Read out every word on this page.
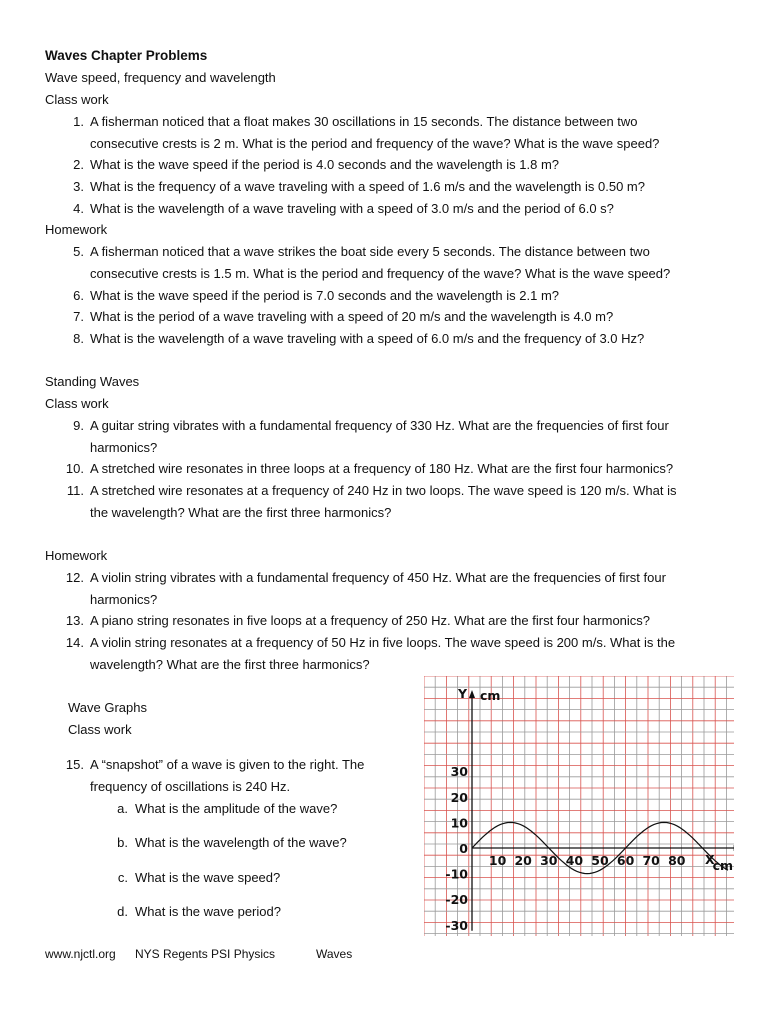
Waves Chapter Problems
Wave speed, frequency and wavelength
Class work
1. A fisherman noticed that a float makes 30 oscillations in 15 seconds. The distance between two
consecutive crests is 2 m. What is the period and frequency of the wave? What is the wave speed?
2. What is the wave speed if the period is 4.0 seconds and the wavelength is 1.8 m?
3. What is the frequency of a wave traveling with a speed of 1.6 m/s and the wavelength is 0.50 m?
4. What is the wavelength of a wave traveling with a speed of 3.0 m/s and the period of 6.0 s?
Homework
5. A fisherman noticed that a wave strikes the boat side every 5 seconds. The distance between two
consecutive crests is 1.5 m. What is the period and frequency of the wave? What is the wave speed?
6. What is the wave speed if the period is 7.0 seconds and the wavelength is 2.1 m?
7. What is the period of a wave traveling with a speed of 20 m/s and the wavelength is 4.0 m?
8. What is the wavelength of a wave traveling with a speed of 6.0 m/s and the frequency of 3.0 Hz?
Standing Waves
Class work
9. A guitar string vibrates with a fundamental frequency of 330 Hz. What are the frequencies of first four
harmonics?
10. A stretched wire resonates in three loops at a frequency of 180 Hz. What are the first four harmonics?
11. A stretched wire resonates at a frequency of 240 Hz in two loops. The wave speed is 120 m/s. What is
the wavelength? What are the first three harmonics?
Homework
12. A violin string vibrates with a fundamental frequency of 450 Hz. What are the frequencies of first four
harmonics?
13. A piano string resonates in five loops at a frequency of 250 Hz. What are the first four harmonics?
14. A violin string resonates at a frequency of 50 Hz in five loops. The wave speed is 200 m/s. What is the
wavelength? What are the first three harmonics?
Wave Graphs
Class work
15. A “snapshot” of a wave is given to the right. The
frequency of oscillations is 240 Hz.
a. What is the amplitude of the wave?
b. What is the wavelength of the wave?
c. What is the wave speed?
d. What is the wave period?
www.njctl.org NYS Regents PSI Physics	Waves
30
20
10
0
-10
-20
-30
10 20 30 40 50 60 70 80
Y cm
X
cm
